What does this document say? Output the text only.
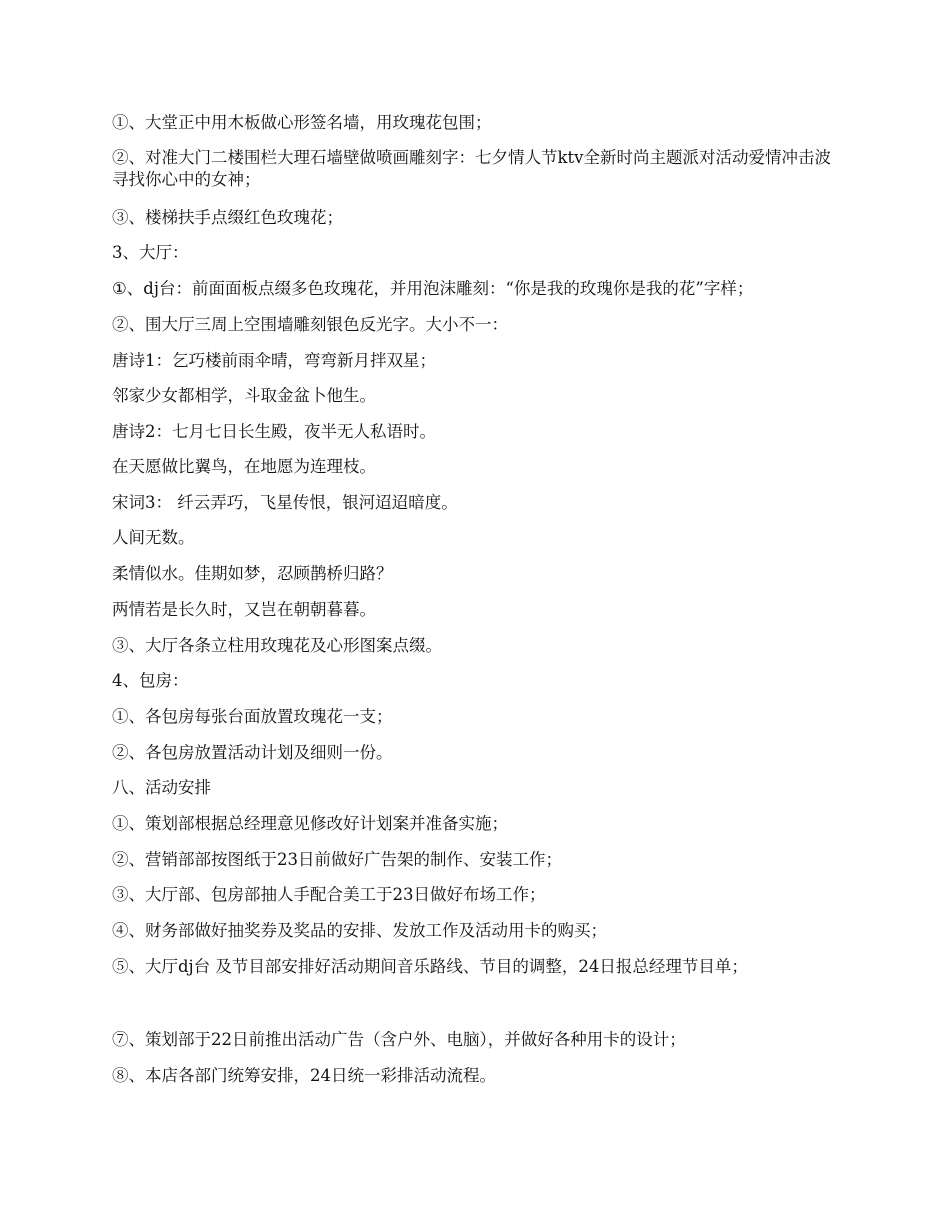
①、大堂正中用木板做心形签名墙，用玫瑰花包围；
②、对准大门二楼围栏大理石墙壁做喷画雕刻字：七夕情人节ktv全新时尚主题派对活动爱情冲击波寻找你心中的女神；
③、楼梯扶手点缀红色玫瑰花；
3、大厅：
①、dj台：前面面板点缀多色玫瑰花，并用泡沫雕刻：“你是我的玫瑰你是我的花”字样；
②、围大厅三周上空围墙雕刻银色反光字。大小不一：
唐诗1：乞巧楼前雨伞晴，弯弯新月拌双星；
邻家少女都相学，斗取金盆卜他生。
唐诗2：七月七日长生殿，夜半无人私语时。
在天愿做比翼鸟，在地愿为连理枝。
宋词3： 纤云弄巧，飞星传恨，银河迢迢暗度。
人间无数。
柔情似水。佳期如梦，忍顾鹊桥归路？
两情若是长久时，又岂在朝朝暮暮。
③、大厅各条立柱用玫瑰花及心形图案点缀。
4、包房：
①、各包房每张台面放置玫瑰花一支；
②、各包房放置活动计划及细则一份。
八、活动安排
①、策划部根据总经理意见修改好计划案并准备实施；
②、营销部部按图纸于23日前做好广告架的制作、安装工作；
③、大厅部、包房部抽人手配合美工于23日做好布场工作；
④、财务部做好抽奖券及奖品的安排、发放工作及活动用卡的购买；
⑤、大厅dj台 及节目部安排好活动期间音乐路线、节目的调整，24日报总经理节目单；
⑦、策划部于22日前推出活动广告（含户外、电脑），并做好各种用卡的设计；
⑧、本店各部门统筹安排，24日统一彩排活动流程。
